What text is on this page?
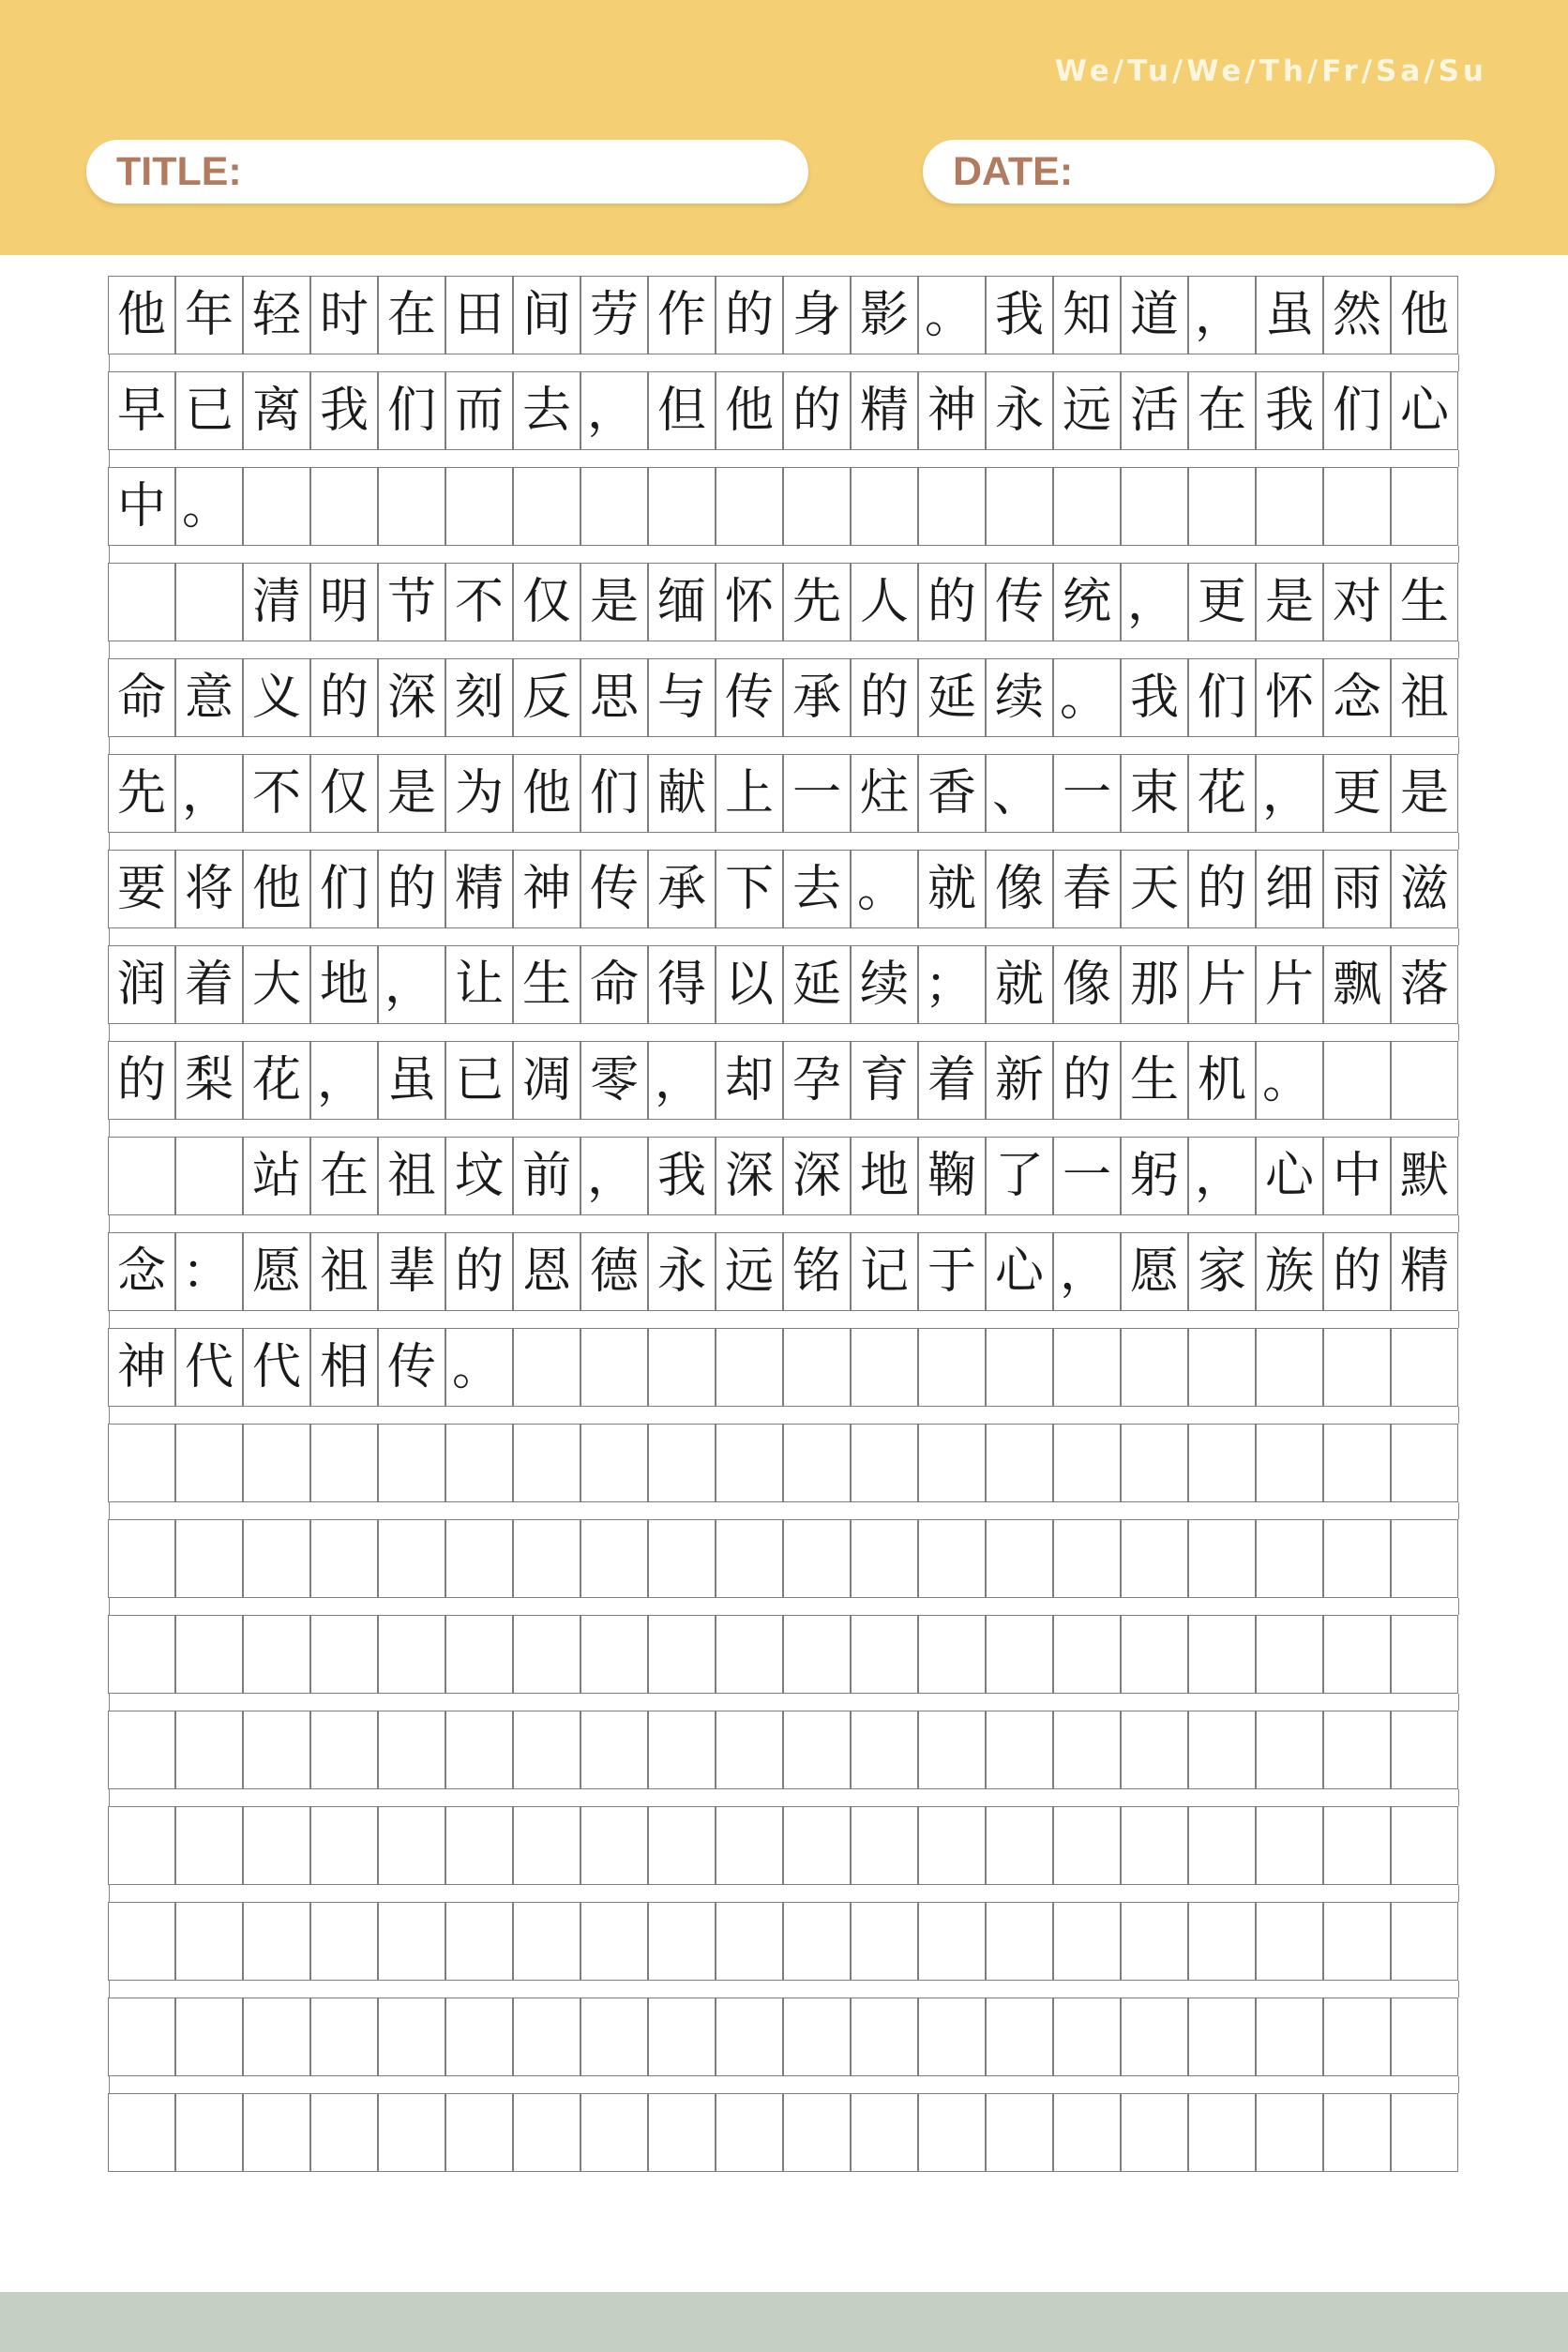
We/Tu/We/Th/Fr/Sa/Su
TITLE:	DATE:
他 年 轻 时 在 田 间 劳 作 的 身 影 。 我 知 道 ， 虽 然 他
早 已 离 我 们 而 去 ， 但 他 的 精 神 永 远 活 在 我 们 心
中 。
清 明 节 不 仅 是 缅 怀 先 人 的 传 统 ， 更 是 对 生
命 意 义 的 深 刻 反 思 与 传 承 的 延 续 。 我 们 怀 念 祖
先 ， 不 仅 是 为 他 们 献 上 一 炷 香 、 一 束 花 ， 更 是
要 将 他 们 的 精 神 传 承 下 去 。 就 像 春 天 的 细 雨 滋
润 着 大 地 ， 让 生 命 得 以 延 续 ； 就 像 那 片 片 飘 落
的 梨 花 ， 虽 已 凋 零 ， 却 孕 育 着 新 的 生 机 。
站 在 祖 坟 前 ， 我 深 深 地 鞠 了 一 躬 ， 心 中 默
念 ： 愿 祖 辈 的 恩 德 永 远 铭 记 于 心 ， 愿 家 族 的 精
神 代 代 相 传 。
